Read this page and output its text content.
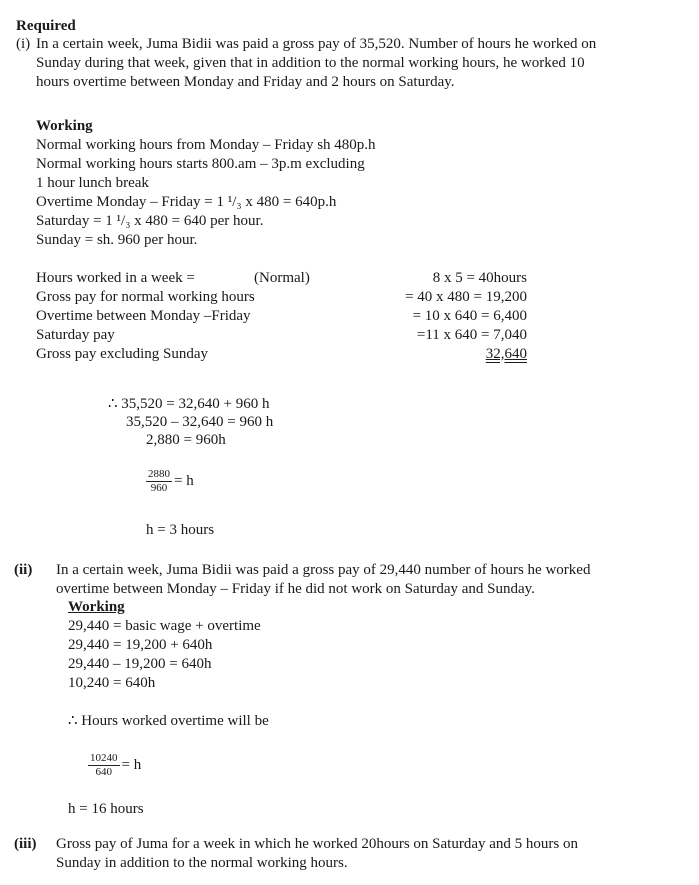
Required
(i) In a certain week, Juma Bidii was paid a gross pay of 35,520. Number of hours he worked on
Sunday during that week, given that in addition to the normal working hours, he worked 10
hours overtime between Monday and Friday and 2 hours on Saturday.
Working
Normal working hours from Monday – Friday sh 480p.h
Normal working hours starts 800.am – 3p.m excluding
1 hour lunch break
Overtime Monday – Friday = 1 ¹/₃ x 480 = 640p.h
Saturday = 1 ¹/₃ x 480 = 640 per hour.
Sunday = sh. 960 per hour.
Hours worked in a week =	(Normal)
Gross pay for normal working hours
Overtime between Monday –Friday
Saturday pay
Gross pay excluding Sunday
8 x 5 = 40hours
= 40 x 480 = 19,200
= 10 x 640 = 6,400
=11 x 640 = 7,040
32,640
∴ 35,520 = 32,640 + 960 h
35,520 – 32,640 = 960 h
2,880 = 960h
$\frac{2880}{960} = h$
h = 3 hours
(ii) In a certain week, Juma Bidii was paid a gross pay of 29,440 number of hours he worked
overtime between Monday – Friday if he did not work on Saturday and Sunday.
Working
29,440 = basic wage + overtime
29,440 = 19,200 + 640h
29,440 – 19,200 = 640h
10,240 = 640h
∴ Hours worked overtime will be
$\frac{10240}{640} = h$
h = 16 hours
(iii) Gross pay of Juma for a week in which he worked 20hours on Saturday and 5 hours on
Sunday in addition to the normal working hours.
